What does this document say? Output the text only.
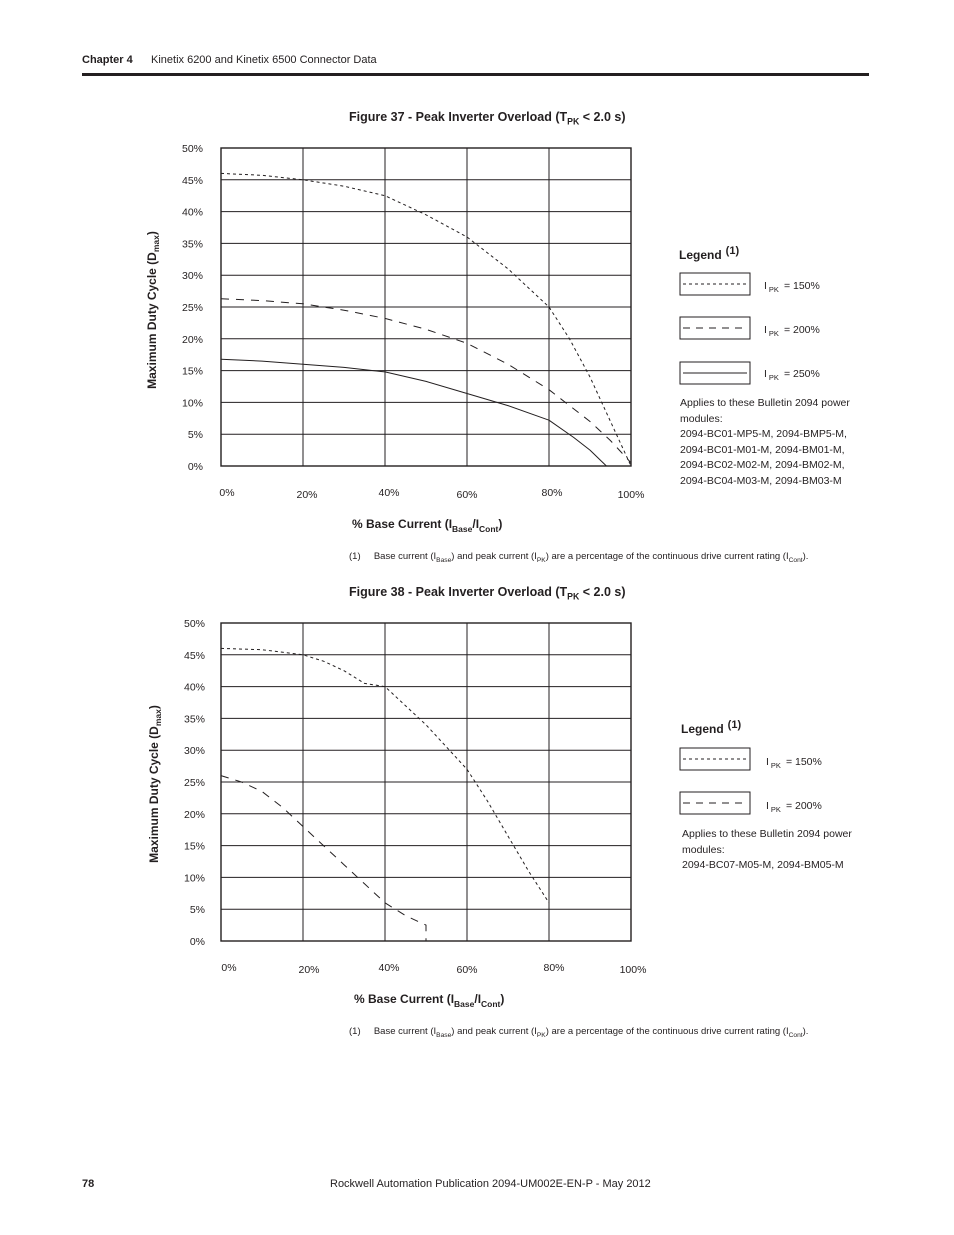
Chapter 4 Kinetix 6200 and Kinetix 6500 Connector Data
Figure 37 - Peak Inverter Overload ($T_{PK} < 2.0$ s)
0%
5%
10%
15%
20%
25%
30%
35%
40%
45%
50%
0%	20%	40%	60%	80%	100%
Maximum Duty Cycle $(D_{max})$
% Base Current $(I_{Base}/I_{Cont})$
Legend (1)
I $_{PK}$ = 150%
I $_{PK}$ = 200%
I $_{PK}$ = 250%
Applies to these Bulletin 2094 power
modules:
2094-BC01-MP5-M, 2094-BMP5-M,
2094-BC01-M01-M, 2094-BM01-M,
2094-BC02-M02-M, 2094-BM02-M,
2094-BC04-M03-M, 2094-BM03-M
(1) Base current $(I_{Base})$ and peak current $(I_{PK})$ are a percentage of the continuous drive current rating $(I_{Cont})$.
Figure 38 - Peak Inverter Overload ($T_{PK} < 2.0$ s)
0%
5%
10%
15%
20%
25%
30%
35%
40%
45%
50%
0%	20%	40%	60%	80%	100%
Maximum Duty Cycle $(D_{max})$
% Base Current $(I_{Base}/I_{Cont})$
Legend (1)
I $_{PK}$ = 150%
I $_{PK}$ = 200%
Applies to these Bulletin 2094 power
modules:
2094-BC07-M05-M, 2094-BM05-M
(1) Base current $(I_{Base})$ and peak current $(I_{PK})$ are a percentage of the continuous drive current rating $(I_{Cont})$.
78	Rockwell Automation Publication 2094-UM002E-EN-P - May 2012
